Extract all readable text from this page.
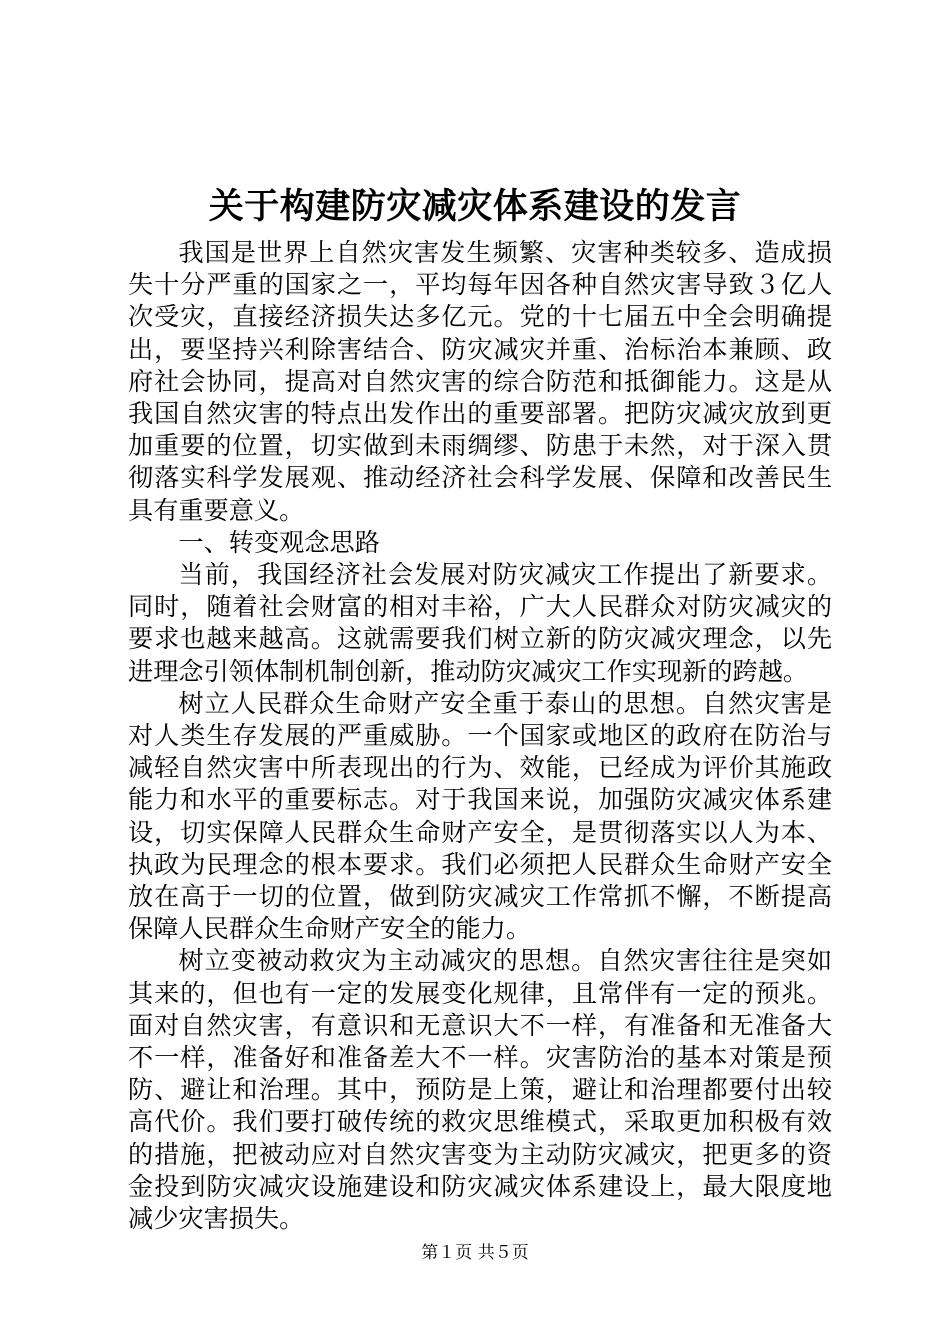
关于构建防灾减灾体系建设的发言

我国是世界上自然灾害发生频繁、灾害种类较多、造成损失十分严重的国家之一，平均每年因各种自然灾害导致３亿人次受灾，直接经济损失达多亿元。党的十七届五中全会明确提出，要坚持兴利除害结合、防灾减灾并重、治标治本兼顾、政府社会协同，提高对自然灾害的综合防范和抵御能力。这是从我国自然灾害的特点出发作出的重要部署。把防灾减灾放到更加重要的位置，切实做到未雨绸缪、防患于未然，对于深入贯彻落实科学发展观、推动经济社会科学发展、保障和改善民生具有重要意义。

一、转变观念思路

当前，我国经济社会发展对防灾减灾工作提出了新要求。同时，随着社会财富的相对丰裕，广大人民群众对防灾减灾的要求也越来越高。这就需要我们树立新的防灾减灾理念，以先进理念引领体制机制创新，推动防灾减灾工作实现新的跨越。

树立人民群众生命财产安全重于泰山的思想。自然灾害是对人类生存发展的严重威胁。一个国家或地区的政府在防治与减轻自然灾害中所表现出的行为、效能，已经成为评价其施政能力和水平的重要标志。对于我国来说，加强防灾减灾体系建设，切实保障人民群众生命财产安全，是贯彻落实以人为本、执政为民理念的根本要求。我们必须把人民群众生命财产安全放在高于一切的位置，做到防灾减灾工作常抓不懈，不断提高保障人民群众生命财产安全的能力。

树立变被动救灾为主动减灾的思想。自然灾害往往是突如其来的，但也有一定的发展变化规律，且常伴有一定的预兆。面对自然灾害，有意识和无意识大不一样，有准备和无准备大不一样，准备好和准备差大不一样。灾害防治的基本对策是预防、避让和治理。其中，预防是上策，避让和治理都要付出较高代价。我们要打破传统的救灾思维模式，采取更加积极有效的措施，把被动应对自然灾害变为主动防灾减灾，把更多的资金投到防灾减灾设施建设和防灾减灾体系建设上，最大限度地减少灾害损失。

第１页 共５页
